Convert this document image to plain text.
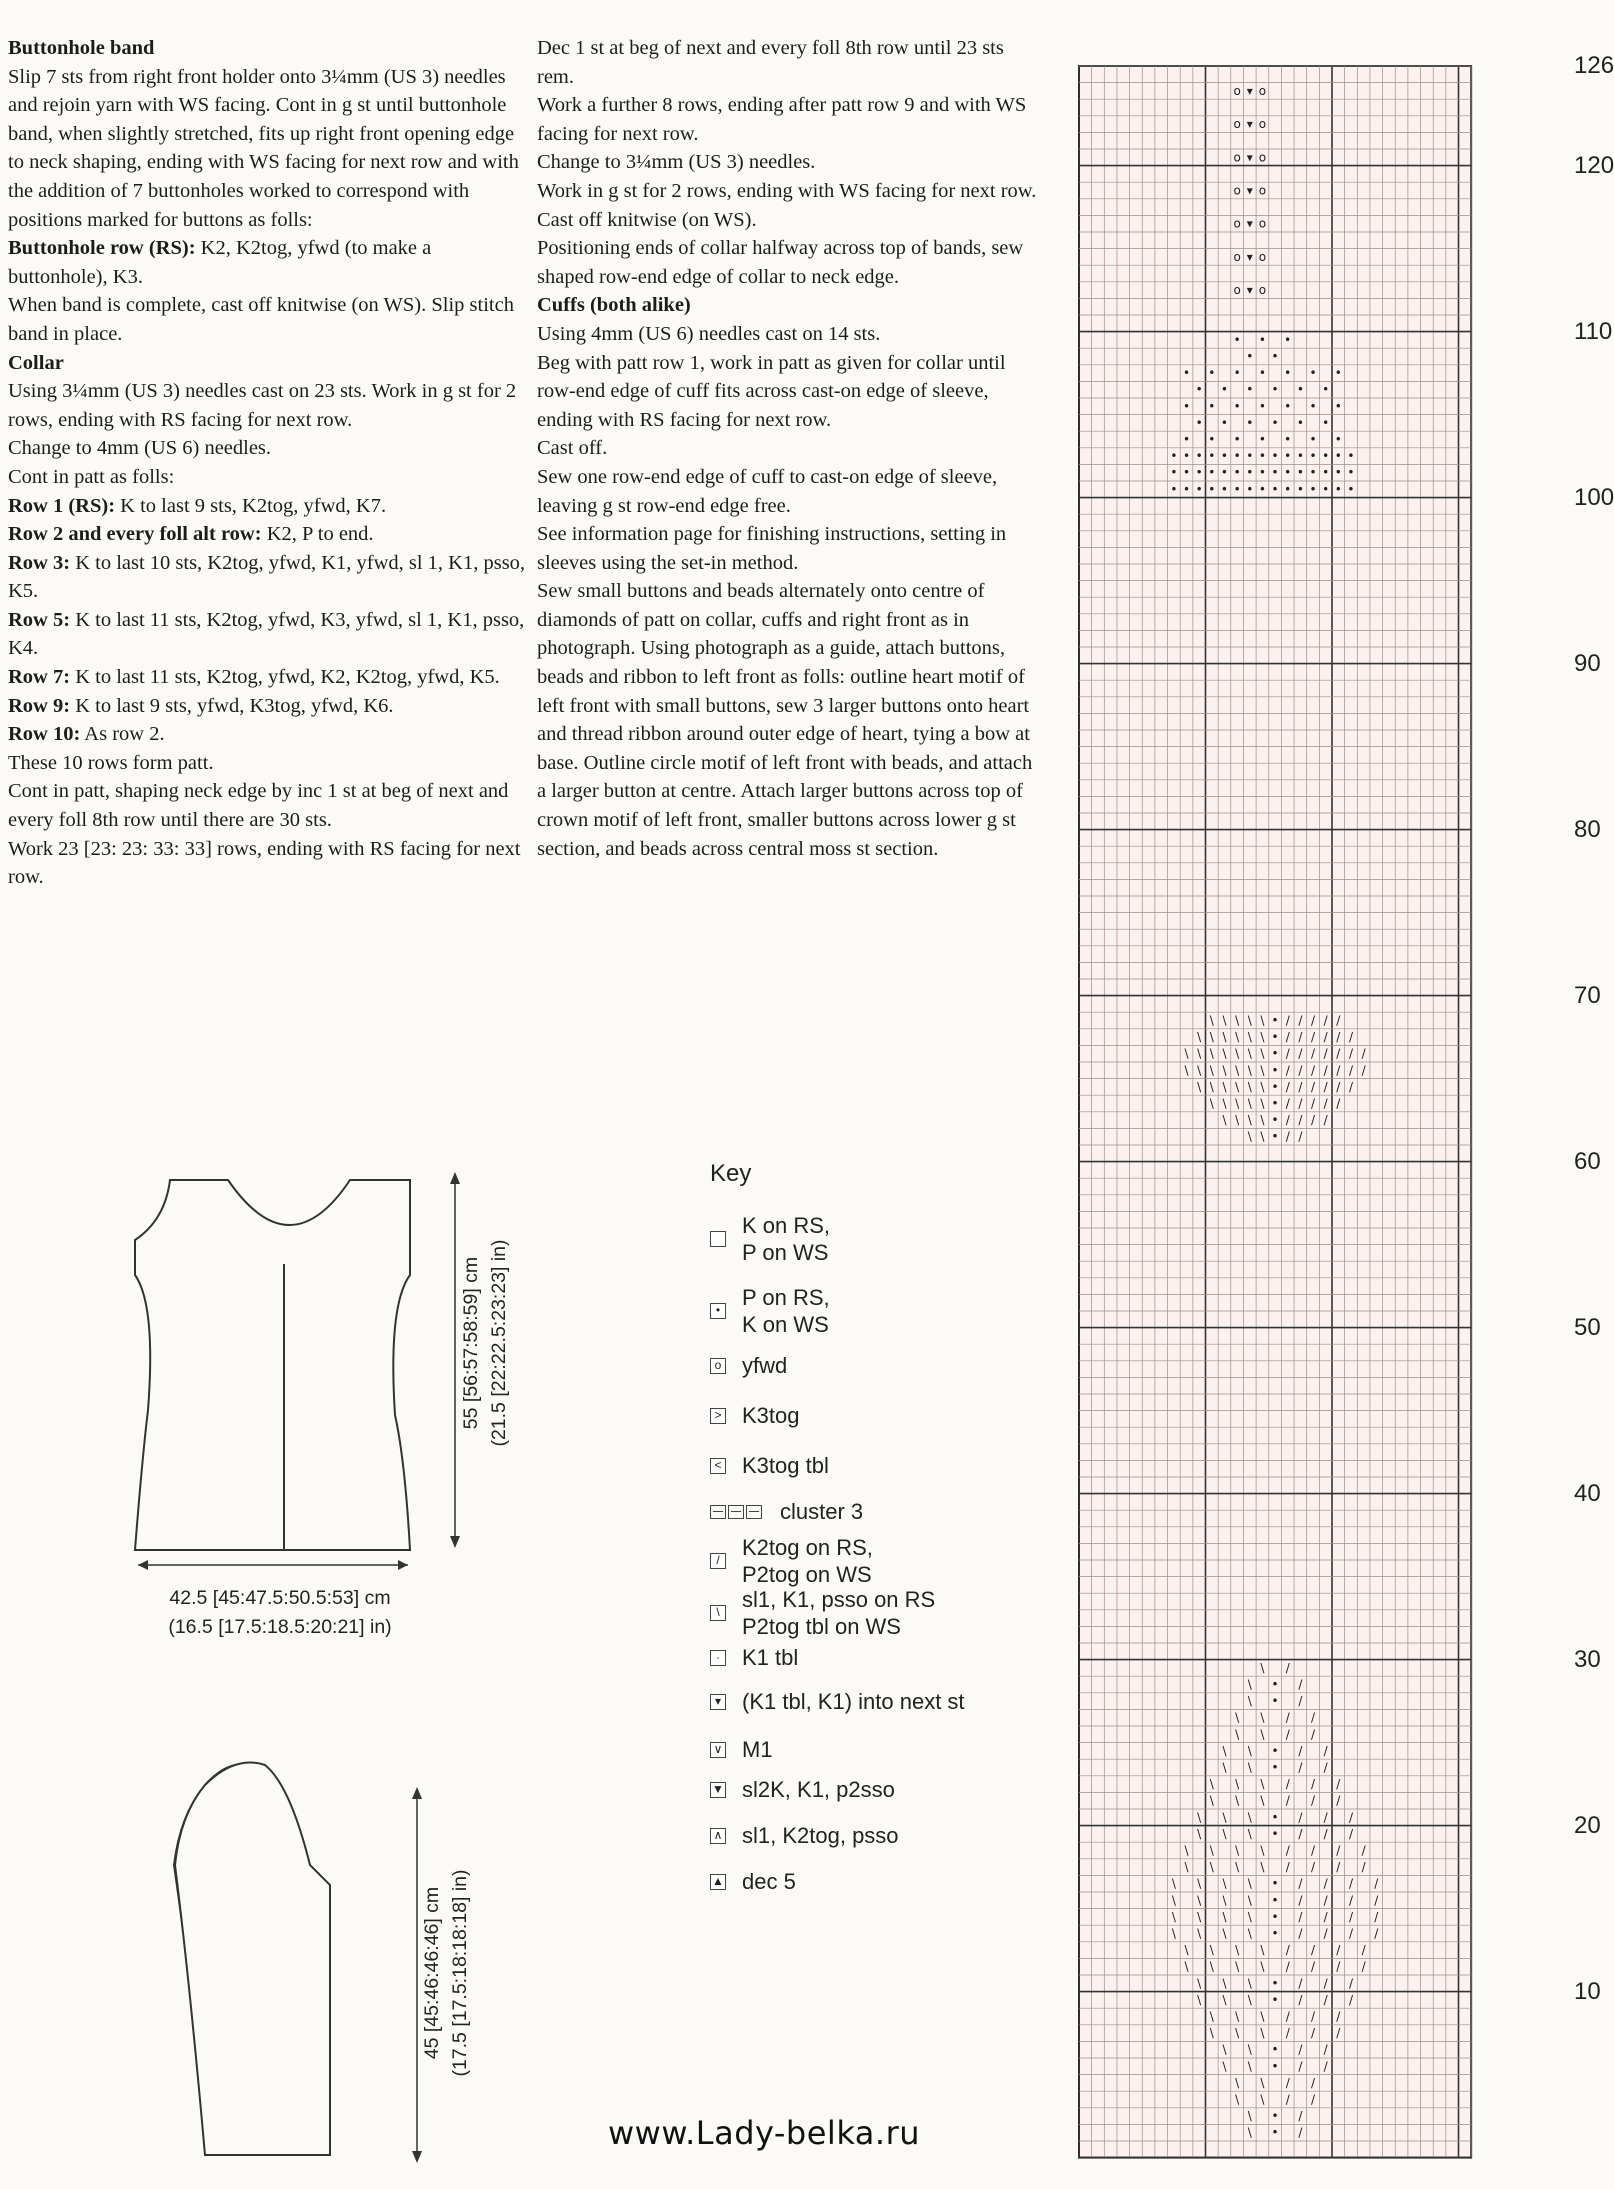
Buttonhole band

Slip 7 sts from right front holder onto 3¼mm (US 3) needles and rejoin yarn with WS facing. Cont in g st until buttonhole band, when slightly stretched, fits up right front opening edge to neck shaping, ending with WS facing for next row and with the addition of 7 buttonholes worked to correspond with positions marked for buttons as folls:

Buttonhole row (RS): K2, K2tog, yfwd (to make a buttonhole), K3.

When band is complete, cast off knitwise (on WS). Slip stitch band in place.

Collar

Using 3¼mm (US 3) needles cast on 23 sts. Work in g st for 2 rows, ending with RS facing for next row.

Change to 4mm (US 6) needles.

Cont in patt as folls:

Row 1 (RS): K to last 9 sts, K2tog, yfwd, K7.

Row 2 and every foll alt row: K2, P to end.

Row 3: K to last 10 sts, K2tog, yfwd, K1, yfwd, sl 1, K1, psso, K5.

Row 5: K to last 11 sts, K2tog, yfwd, K3, yfwd, sl 1, K1, psso, K4.

Row 7: K to last 11 sts, K2tog, yfwd, K2, K2tog, yfwd, K5.

Row 9: K to last 9 sts, yfwd, K3tog, yfwd, K6.

Row 10: As row 2.

These 10 rows form patt.

Cont in patt, shaping neck edge by inc 1 st at beg of next and every foll 8th row until there are 30 sts.

Work 23 [23: 23: 33: 33] rows, ending with RS facing for next row.

Dec 1 st at beg of next and every foll 8th row until 23 sts rem.

Work a further 8 rows, ending after patt row 9 and with WS facing for next row.

Change to 3¼mm (US 3) needles.

Work in g st for 2 rows, ending with WS facing for next row.

Cast off knitwise (on WS).

Positioning ends of collar halfway across top of bands, sew shaped row-end edge of collar to neck edge.

Cuffs (both alike)

Using 4mm (US 6) needles cast on 14 sts.

Beg with patt row 1, work in patt as given for collar until row-end edge of cuff fits across cast-on edge of sleeve, ending with RS facing for next row.

Cast off.

Sew one row-end edge of cuff to cast-on edge of sleeve, leaving g st row-end edge free.

See information page for finishing instructions, setting in sleeves using the set-in method.

Sew small buttons and beads alternately onto centre of diamonds of patt on collar, cuffs and right front as in photograph. Using photograph as a guide, attach buttons, beads and ribbon to left front as folls: outline heart motif of left front with small buttons, sew 3 larger buttons onto heart and thread ribbon around outer edge of heart, tying a bow at base. Outline circle motif of left front with beads, and attach a larger button at centre. Attach larger buttons across top of crown motif of left front, smaller buttons across lower g st section, and beads across central moss st section.

42.5 [45:47.5:50.5:53] cm
(16.5 [17.5:18.5:20:21] in)
55 [56:57:58:59] cm (21.5 [22:22.5:23:23] in)
45 [45:46:46:46] cm (17.5 [17.5:18:18:18] in)
Key
K on RS,
P on WS
• P on RS,
K on WS
o yfwd
> K3tog
< K3tog tbl
cluster 3
/ K2tog on RS,
P2tog on WS
\ sl1, K1, psso on RS
P2tog tbl on WS
· K1 tbl
▾ (K1 tbl, K1) into next st
∨ M1
▼ sl2K, K1, p2sso
∧ sl1, K2tog, psso
▲ dec 5
• • • • • • • • • • • • • • •
• • • • • • • • • • • • • • •
• • • • • • • • • • • • • • •
• • • • • • •
• • • • • •
• • • • • • •
• • • • • •
• • • • • • •
• •
• • •
o
o
o
o
o
o
o
▾
▾
▾
▾
▾
▾
▾
o
o
o
o
o
o
o
\ \ • / /
\ \ \ \ • / / / /
\ \ \ \ \ • / / / / /
\ \ \ \ \ \ • / / / / / /
\ \ \ \ \ \ \ • / / / / / / /
\ \ \ \ \ \ \ • / / / / / / /
\ \ \ \ \ \ • / / / / / /
\ \ \ \ \ • / / / / /
\ • /
\ • /
\ \ / /
\ \ / /
\ \ • / /
\ \ • / /
\ \ \ / / /
\ \ \ / / /
\ \ \ • / / /
\ \ \ • / / /
\ \ \ \ / / / /
\ \ \ \ / / / /
\ \ \ \ • / / / /
\ \ \ \ • / / / /
\ \ \ \ • / / / /
\ \ \ \ • / / / /
\ \ \ \ / / / /
\ \ \ \ / / / /
\ \ \ • / / /
\ \ \ • / / /
\ \ \ / / /
\ \ \ / / /
\ \ • / /
\ \ • / /
\ \ / /
\ \ / /
\ • /
\ • /
\ /
126
120
110
100
90
80
70
60
50
40
30
20
10
www.Lady-belka.ru
